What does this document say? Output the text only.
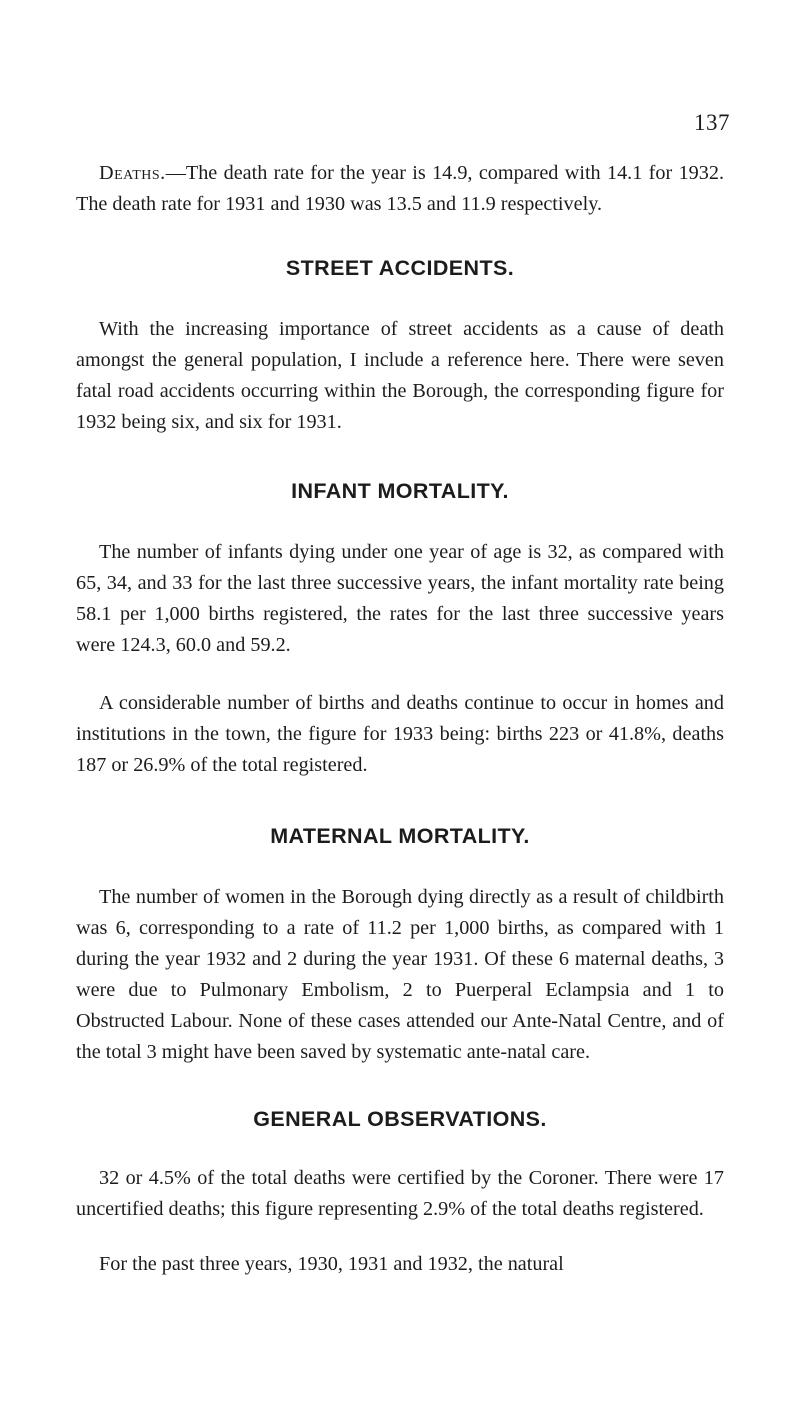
137

Deaths.—The death rate for the year is 14.9, compared with 14.1 for 1932. The death rate for 1931 and 1930 was 13.5 and 11.9 respectively.

STREET ACCIDENTS.

With the increasing importance of street accidents as a cause of death amongst the general population, I include a reference here. There were seven fatal road accidents occurring within the Borough, the corresponding figure for 1932 being six, and six for 1931.

INFANT MORTALITY.

The number of infants dying under one year of age is 32, as compared with 65, 34, and 33 for the last three successive years, the infant mortality rate being 58.1 per 1,000 births registered, the rates for the last three successive years were 124.3, 60.0 and 59.2.

A considerable number of births and deaths continue to occur in homes and institutions in the town, the figure for 1933 being: births 223 or 41.8%, deaths 187 or 26.9% of the total registered.

MATERNAL MORTALITY.

The number of women in the Borough dying directly as a result of childbirth was 6, corresponding to a rate of 11.2 per 1,000 births, as compared with 1 during the year 1932 and 2 during the year 1931. Of these 6 maternal deaths, 3 were due to Pulmonary Embolism, 2 to Puerperal Eclampsia and 1 to Obstructed Labour. None of these cases attended our Ante-Natal Centre, and of the total 3 might have been saved by systematic ante-natal care.

GENERAL OBSERVATIONS.

32 or 4.5% of the total deaths were certified by the Coroner. There were 17 uncertified deaths; this figure representing 2.9% of the total deaths registered.

For the past three years, 1930, 1931 and 1932, the natural
